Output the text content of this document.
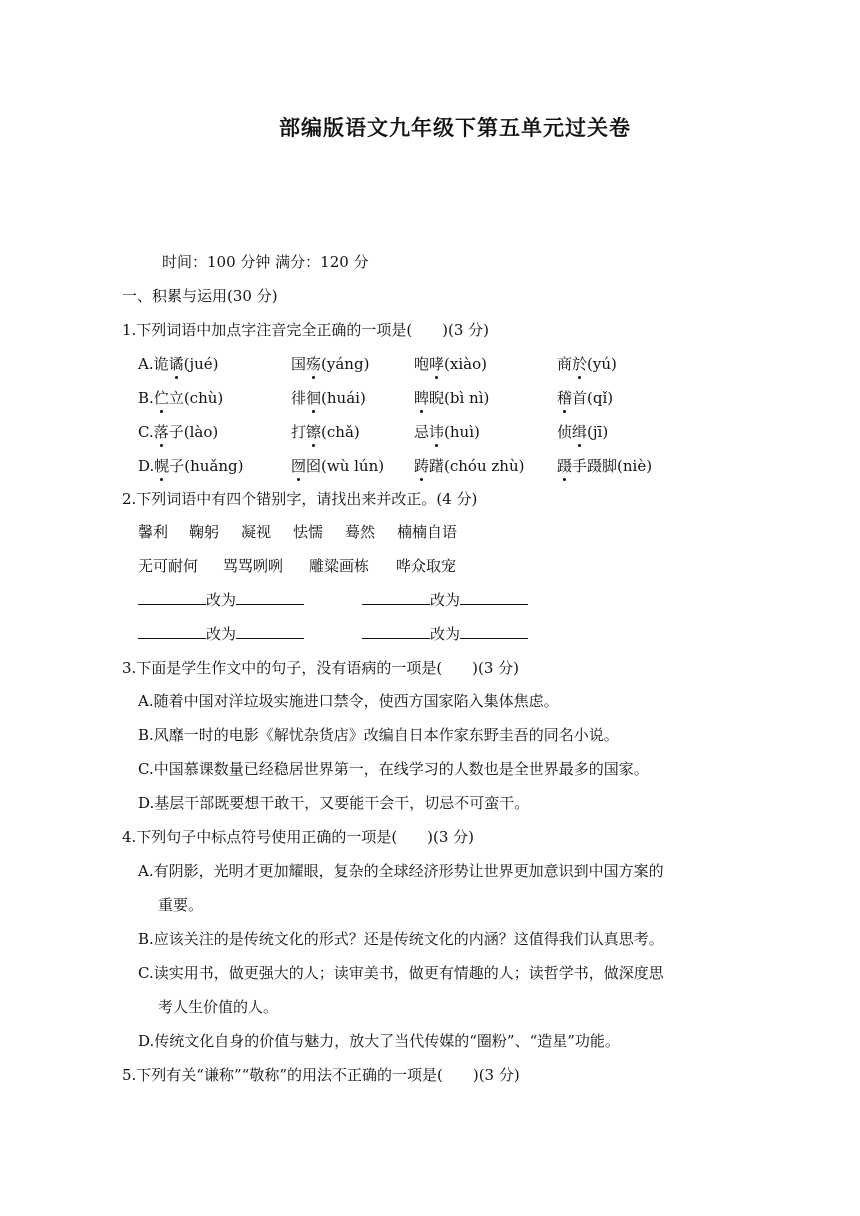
部编版语文九年级下第五单元过关卷
时间：100 分钟 满分：120 分
一、积累与运用(30 分)
1.下列词语中加点字注音完全正确的一项是(　　)(3 分)
A.诡谲(jué)	国殇(yáng)	咆哮(xiào)	商於(yú)
B.伫立(chù)	徘徊(huái)	睥睨(bì nì)	稽首(qǐ)
C.落子(lào)	打镲(chǎ)	忌讳(huì)	侦缉(jī)
D.幌子(huǎng)	囫囵(wù lún) 踌躇(chóu zhù) 蹑手蹑脚(niè)
2.下列词语中有四个错别字，请找出来并改正。(4 分)
馨利 鞠躬 凝视 怯懦 蓦然 楠楠自语
无可耐何 骂骂咧咧 雕粱画栋 哗众取宠
改为	改为
改为	改为
3.下面是学生作文中的句子，没有语病的一项是(　　)(3 分)
A.随着中国对洋垃圾实施进口禁令，使西方国家陷入集体焦虑。
B.风靡一时的电影《解忧杂货店》改编自日本作家东野圭吾的同名小说。
C.中国慕课数量已经稳居世界第一，在线学习的人数也是全世界最多的国家。
D.基层干部既要想干敢干，又要能干会干，切忌不可蛮干。
4.下列句子中标点符号使用正确的一项是(　　)(3 分)
A.有阴影，光明才更加耀眼，复杂的全球经济形势让世界更加意识到中国方案的
重要。
B.应该关注的是传统文化的形式？还是传统文化的内涵？这值得我们认真思考。
C.读实用书，做更强大的人；读审美书，做更有情趣的人；读哲学书，做深度思
考人生价值的人。
D.传统文化自身的价值与魅力，放大了当代传媒的“圈粉”、“造星”功能。
5.下列有关“谦称”“敬称”的用法不正确的一项是(　　)(3 分)
